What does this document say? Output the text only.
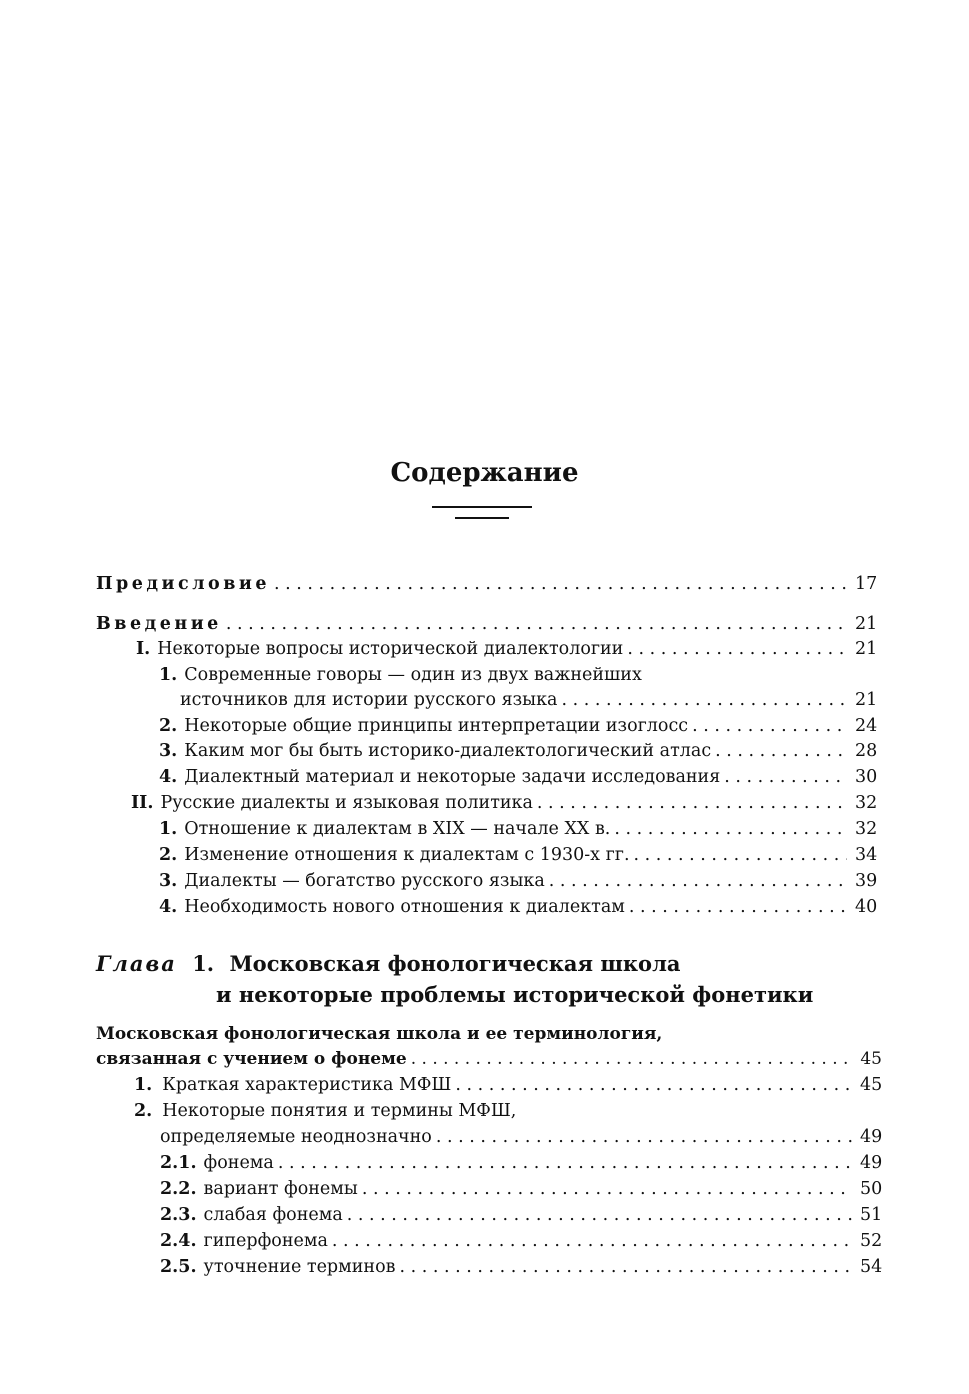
Содержание
Предисловие . . .	17
Введение . . .	21
I. Некоторые вопросы исторической диалектологии . . .	21
1. Современные говоры — один из двух важнейших
источников для истории русского языка . . .	21
2. Некоторые общие принципы интерпретации изоглосс . . .	24
3. Каким мог бы быть историко-диалектологический атлас . . .	28
4. Диалектный материал и некоторые задачи исследования . . .	30
II. Русские диалекты и языковая политика . . .	32
1. Отношение к диалектам в XIX — начале XX в. . . .	32
2. Изменение отношения к диалектам с 1930-х гг. . . .	34
3. Диалекты — богатство русского языка . . .	39
4. Необходимость нового отношения к диалектам . . .	40
Глава 1. Московская фонологическая школа
и некоторые проблемы исторической фонетики
Московская фонологическая школа и ее терминология,
связанная с учением о фонеме . . .	45
1. Краткая характеристика МФШ . . .	45
2. Некоторые понятия и термины МФШ,
определяемые неоднозначно . . .	49
2.1. фонема . . .	49
2.2. вариант фонемы . . .	50
2.3. слабая фонема . . .	51
2.4. гиперфонема . . .	52
2.5. уточнение терминов . . .	54
